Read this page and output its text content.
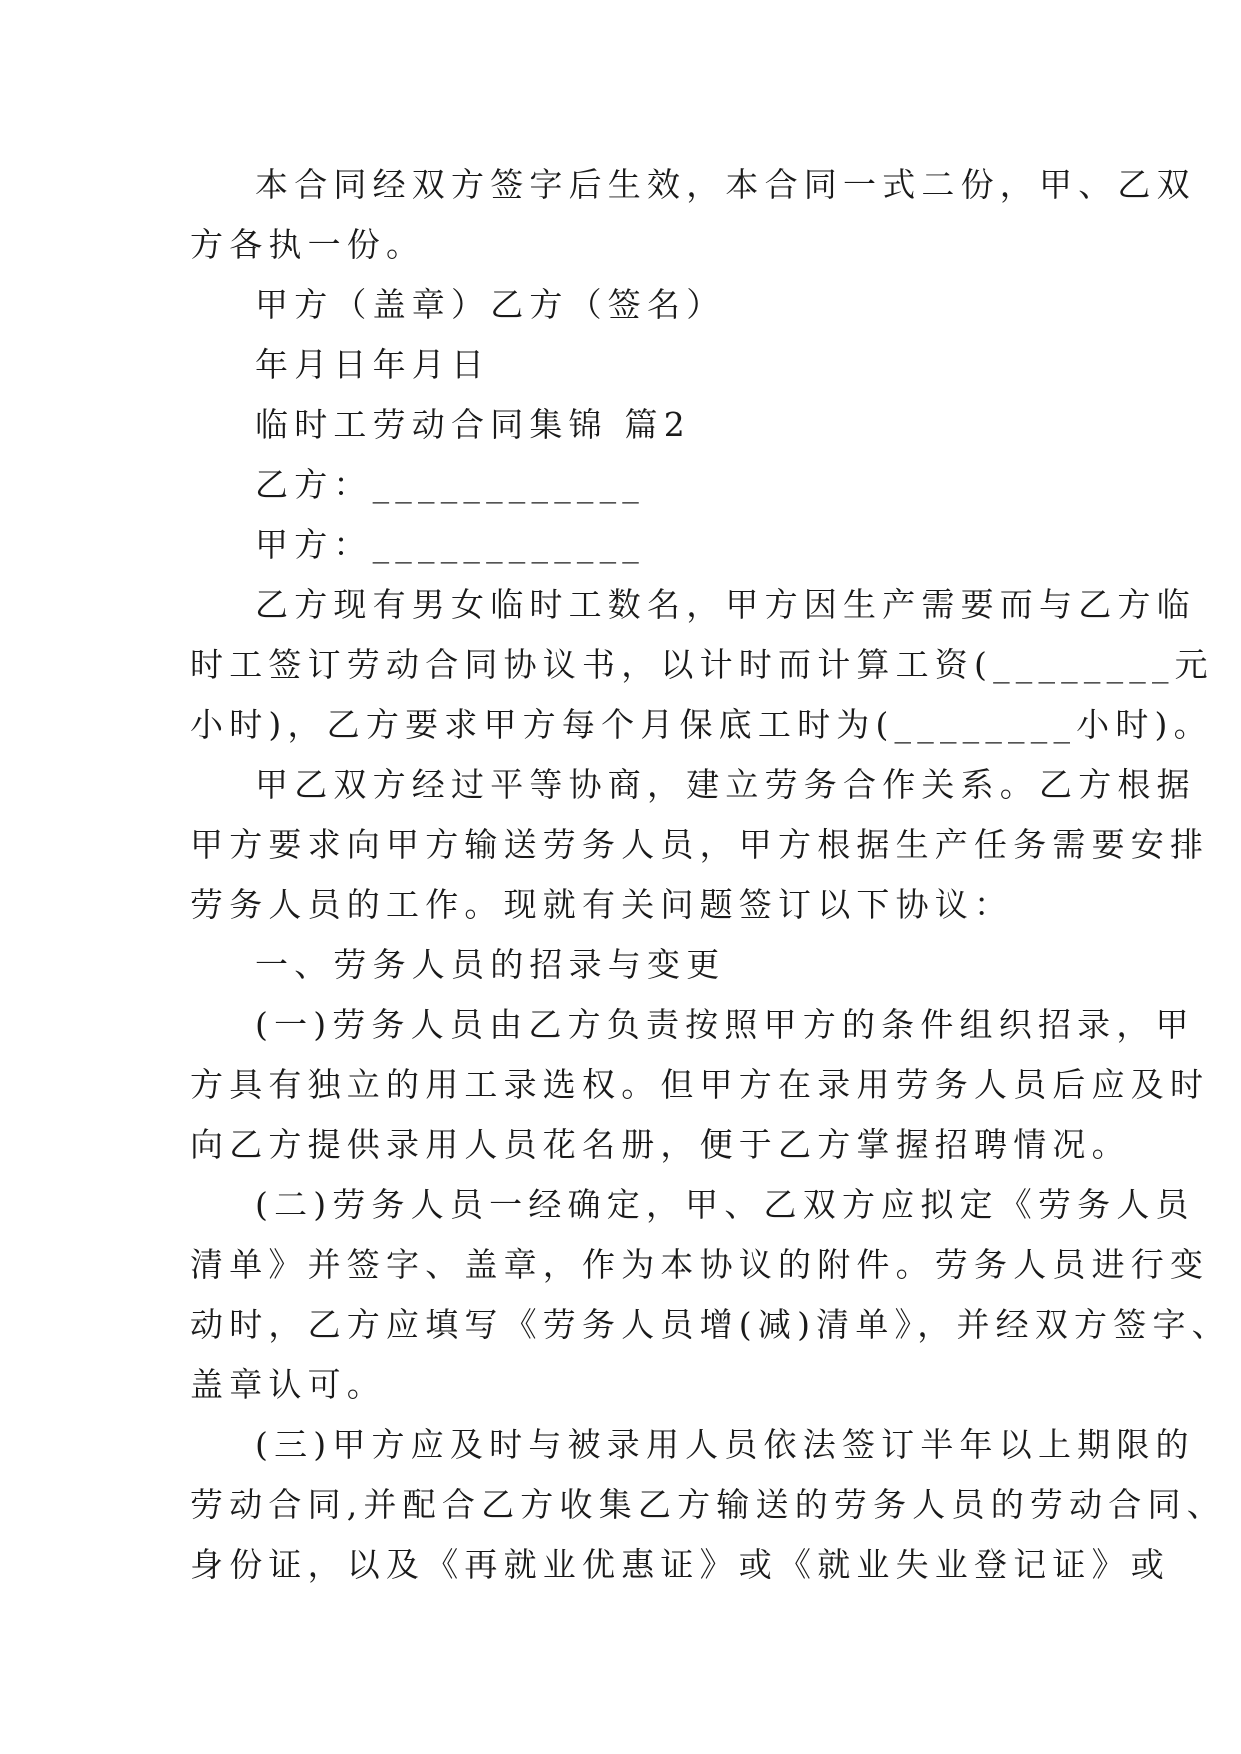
本合同经双方签字后生效，本合同一式二份，甲、乙双
方各执一份。
甲方（盖章）乙方（签名）
年月日年月日
临时工劳动合同集锦 篇2
乙方：____________
甲方：____________
乙方现有男女临时工数名，甲方因生产需要而与乙方临
时工签订劳动合同协议书，以计时而计算工资(________元
小时)，乙方要求甲方每个月保底工时为(________小时)。
甲乙双方经过平等协商，建立劳务合作关系。乙方根据
甲方要求向甲方输送劳务人员，甲方根据生产任务需要安排
劳务人员的工作。现就有关问题签订以下协议：
一、劳务人员的招录与变更
(一)劳务人员由乙方负责按照甲方的条件组织招录，甲
方具有独立的用工录选权。但甲方在录用劳务人员后应及时
向乙方提供录用人员花名册，便于乙方掌握招聘情况。
(二)劳务人员一经确定，甲、乙双方应拟定《劳务人员
清单》并签字、盖章，作为本协议的附件。劳务人员进行变
动时，乙方应填写《劳务人员增(减)清单》，并经双方签字、
盖章认可。
(三)甲方应及时与被录用人员依法签订半年以上期限的
劳动合同,并配合乙方收集乙方输送的劳务人员的劳动合同、
身份证，以及《再就业优惠证》或《就业失业登记证》或
